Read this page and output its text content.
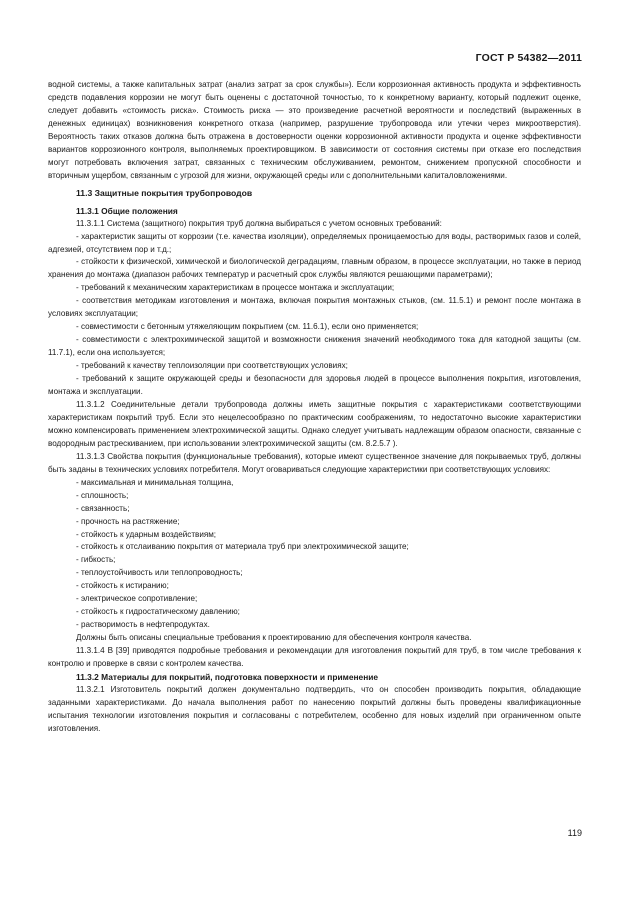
ГОСТ Р 54382—2011

водной системы, а также капитальных затрат (анализ затрат за срок службы»). Если коррозионная активность продукта и эффективность средств подавления коррозии не могут быть оценены с достаточной точностью, то к конкретному варианту, который подлежит оценке, следует добавить «стоимость риска». Стоимость риска — это произведение расчетной вероятности и последствий (выраженных в денежных единицах) возникновения конкретного отказа (например, разрушение трубопровода или утечки через микроотверстия). Вероятность таких отказов должна быть отражена в достоверности оценки коррозионной активности продукта и оценке эффективности вариантов коррозионного контроля, выполняемых проектировщиком. В зависимости от состояния системы при отказе его последствия могут потребовать включения затрат, связанных с техническим обслуживанием, ремонтом, снижением пропускной способности и вторичным ущербом, связанным с угрозой для жизни, окружающей среды или с дополнительными капиталовложениями.

11.3 Защитные покрытия трубопроводов
11.3.1 Общие положения

11.3.1.1 Система (защитного) покрытия труб должна выбираться с учетом основных требований:

- характеристик защиты от коррозии (т.е. качества изоляции), определяемых проницаемостью для воды, растворимых газов и солей, адгезией, отсутствием пор и т.д.;

- стойкости к физической, химической и биологической деградациям, главным образом, в процессе эксплуатации, но также в период хранения до монтажа (диапазон рабочих температур и расчетный срок службы являются решающими параметрами);

- требований к механическим характеристикам в процессе монтажа и эксплуатации;

- соответствия методикам изготовления и монтажа, включая покрытия монтажных стыков, (см. 11.5.1) и ремонт после монтажа в условиях эксплуатации;

- совместимости с бетонным утяжеляющим покрытием (см. 11.6.1), если оно применяется;

- совместимости с электрохимической защитой и возможности снижения значений необходимого тока для катодной защиты (см. 11.7.1), если она используется;

- требований к качеству теплоизоляции при соответствующих условиях;

- требований к защите окружающей среды и безопасности для здоровья людей в процессе выполнения покрытия, изготовления, монтажа и эксплуатации.

11.3.1.2 Соединительные детали трубопровода должны иметь защитные покрытия с характеристиками соответствующими характеристикам покрытий труб. Если это нецелесообразно по практическим соображениям, то недостаточно высокие характеристики можно компенсировать применением электрохимической защиты. Однако следует учитывать надлежащим образом опасности, связанные с водородным растрескиванием, при использовании электрохимической защиты (см. 8.2.5.7 ).

11.3.1.3 Свойства покрытия (функциональные требования), которые имеют существенное значение для покрываемых труб, должны быть заданы в технических условиях потребителя. Могут оговариваться следующие характеристики при соответствующих условиях:

- максимальная и минимальная толщина,

- сплошность;

- связанность;

- прочность на растяжение;

- стойкость к ударным воздействиям;

- стойкость к отслаиванию покрытия от материала труб при электрохимической защите;

- гибкость;

- теплоустойчивость или теплопроводность;

- стойкость к истиранию;

- электрическое сопротивление;

- стойкость к гидростатическому давлению;

- растворимость в нефтепродуктах.

Должны быть описаны специальные требования к проектированию для обеспечения контроля качества.

11.3.1.4 В [39] приводятся подробные требования и рекомендации для изготовления покрытий для труб, в том числе требования к контролю и проверке в связи с контролем качества.

11.3.2 Материалы для покрытий, подготовка поверхности и применение

11.3.2.1 Изготовитель покрытий должен документально подтвердить, что он способен производить покрытия, обладающие заданными характеристиками. До начала выполнения работ по нанесению покрытий должны быть проведены квалификационные испытания технологии изготовления покрытия и согласованы с потребителем, особенно для новых изделий при ограниченном опыте изготовления.

119
